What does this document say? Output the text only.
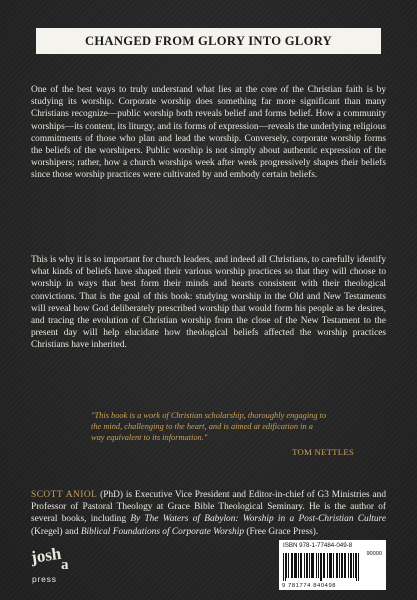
CHANGED FROM GLORY INTO GLORY

One of the best ways to truly understand what lies at the core of the Christian faith is by studying its worship. Corporate worship does something far more significant than many Christians recognize—public worship both reveals belief and forms belief. How a community worships—its content, its liturgy, and its forms of expression—reveals the underlying religious commitments of those who plan and lead the worship. Conversely, corporate worship forms the beliefs of the worshipers. Public worship is not simply about authentic expression of the worshipers; rather, how a church worships week after week progressively shapes their beliefs since those worship practices were cultivated by and embody certain beliefs.

This is why it is so important for church leaders, and indeed all Christians, to carefully identify what kinds of beliefs have shaped their various worship practices so that they will choose to worship in ways that best form their minds and hearts consistent with their theological convictions. That is the goal of this book: studying worship in the Old and New Testaments will reveal how God deliberately prescribed worship that would form his people as he desires, and tracing the evolution of Christian worship from the close of the New Testament to the present day will help elucidate how theological beliefs affected the worship practices Christians have inherited.

"This book is a work of Christian scholarship, thoroughly engaging to the mind, challenging to the heart, and is aimed at edification in a way equivalent to its information."

TOM NETTLES

SCOTT ANIOL (PhD) is Executive Vice President and Editor-in-chief of G3 Ministries and Professor of Pastoral Theology at Grace Bible Theological Seminary. He is the author of several books, including By The Waters of Babylon: Worship in a Post-Christian Culture (Kregel) and Biblical Foundations of Corporate Worship (Free Grace Press).

josh
a
press
ISBN 978-1-77484-049-8
90000
9 781774 840498
